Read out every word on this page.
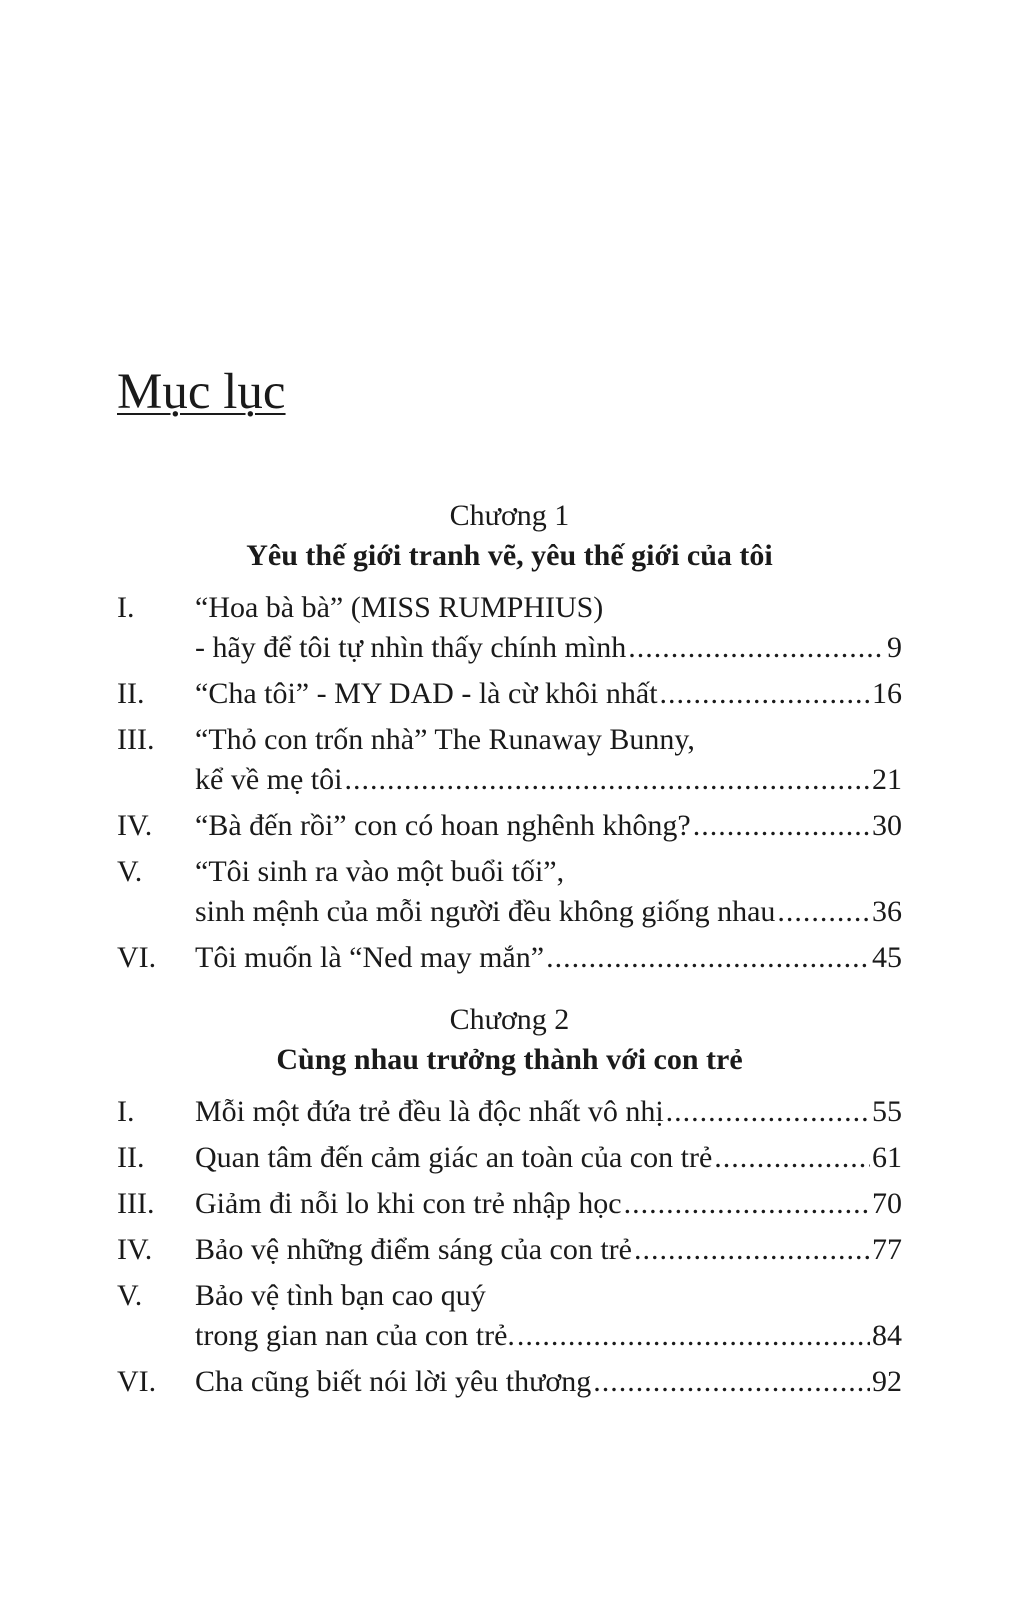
Mục lục
Chương 1
Yêu thế giới tranh vẽ, yêu thế giới của tôi
I.	“Hoa bà bà” (MISS RUMPHIUS)
- hãy để tôi tự nhìn thấy chính mình .....	9
II.	“Cha tôi” - MY DAD - là cừ khôi nhất .....	16
III.	“Thỏ con trốn nhà” The Runaway Bunny,
kể về mẹ tôi .....	21
IV.	“Bà đến rồi” con có hoan nghênh không? .....	30
V.	“Tôi sinh ra vào một buổi tối”,
sinh mệnh của mỗi người đều không giống nhau .....	36
VI.	Tôi muốn là “Ned may mắn” .....	45
Chương 2
Cùng nhau trưởng thành với con trẻ
I.	Mỗi một đứa trẻ đều là độc nhất vô nhị .....	55
II.	Quan tâm đến cảm giác an toàn của con trẻ .....	61
III.	Giảm đi nỗi lo khi con trẻ nhập học .....	70
IV.	Bảo vệ những điểm sáng của con trẻ .....	77
V.	Bảo vệ tình bạn cao quý
trong gian nan của con trẻ. .....	84
VI.	Cha cũng biết nói lời yêu thương .....	92
